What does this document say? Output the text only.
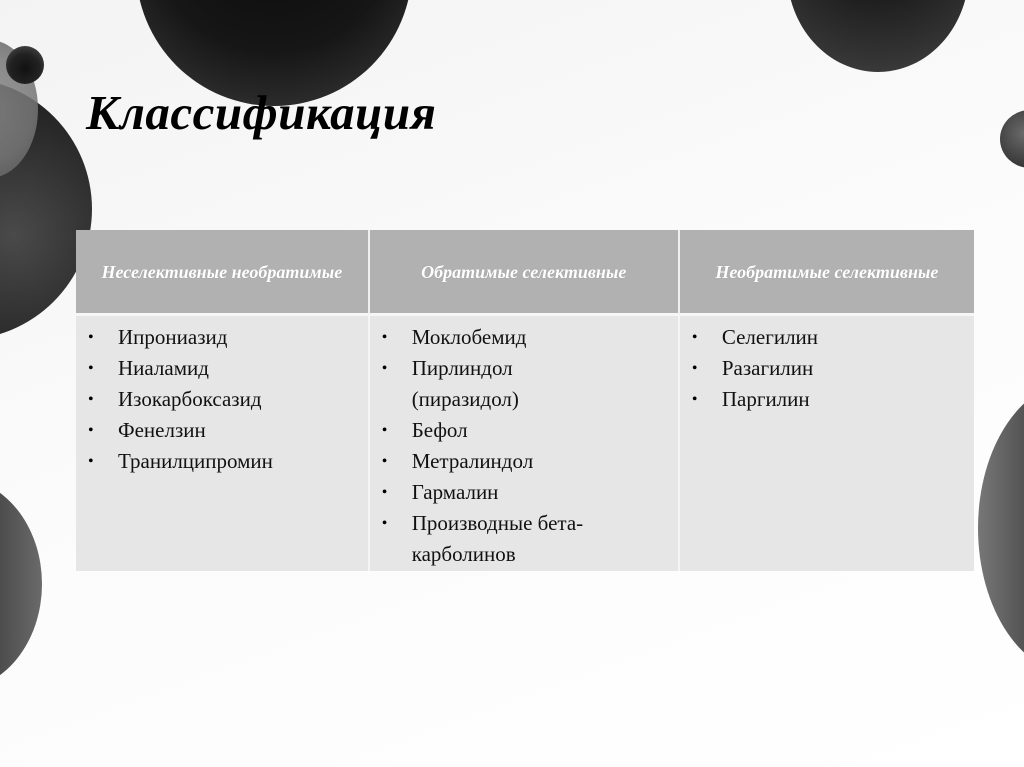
Классификация
Неселективные необратимые	Обратимые селективные	Необратимые селективные

• Ипрониазид
• Ниаламид
• Изокарбоксазид
• Фенелзин
• Транилципромин

• Моклобемид
• Пирлиндол (пиразидол)
• Бефол
• Метралиндол
• Гармалин
• Производные бета-карболинов

• Селегилин
• Разагилин
• Паргилин
